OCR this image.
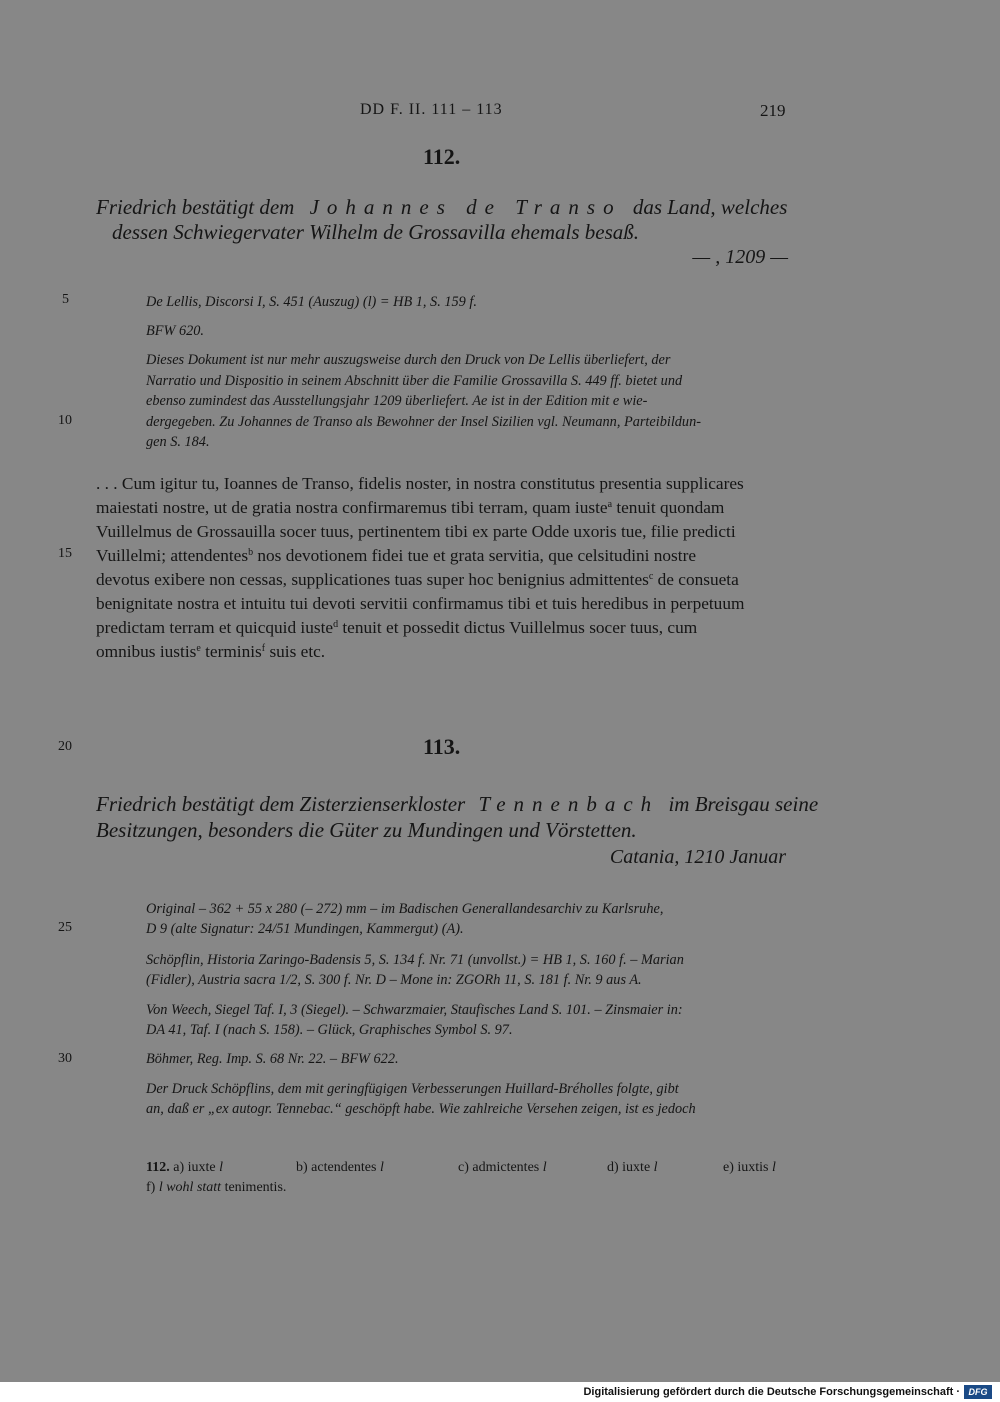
DD F. II. 111 – 113	219
112.
Friedrich bestätigt dem Johannes de Transo das Land, welches
dessen Schwiegervater Wilhelm de Grossavilla ehemals besaß.
— , 1209 —
De Lellis, Discorsi I, S. 451 (Auszug) (l) = HB 1, S. 159 f.
BFW 620.
Dieses Dokument ist nur mehr auszugsweise durch den Druck von De Lellis überliefert, der
Narratio und Dispositio in seinem Abschnitt über die Familie Grossavilla S. 449 ff. bietet und
ebenso zumindest das Ausstellungsjahr 1209 überliefert. Ae ist in der Edition mit e wie-
dergegeben. Zu Johannes de Transo als Bewohner der Insel Sizilien vgl. Neumann, Parteibildun-
gen S. 184.
. . . Cum igitur tu, Ioannes de Transo, fidelis noster, in nostra constitutus presentia supplicares
maiestati nostre, ut de gratia nostra confirmaremus tibi terram, quam iuste$^a$ tenuit quondam
Vuillelmus de Grossauilla socer tuus, pertinentem tibi ex parte Odde uxoris tue, filie predicti
Vuillelmi; attendentes$^b$ nos devotionem fidei tue et grata servitia, que celsitudini nostre
devotus exibere non cessas, supplicationes tuas super hoc benignius admittentes$^c$ de consueta
benignitate nostra et intuitu tui devoti servitii confirmamus tibi et tuis heredibus in perpetuum
predictam terram et quicquid iuste$^d$ tenuit et possedit dictus Vuillelmus socer tuus, cum
omnibus iustis$^e$ terminis$^f$ suis etc.
113.
Friedrich bestätigt dem Zisterzienserkloster Tennenbach im Breisgau seine
Besitzungen, besonders die Güter zu Mundingen und Vörstetten.
Catania, 1210 Januar
Original – 362 + 55 x 280 (– 272) mm – im Badischen Generallandesarchiv zu Karlsruhe,
D 9 (alte Signatur: 24/51 Mundingen, Kammergut) (A).
Schöpflin, Historia Zaringo-Badensis 5, S. 134 f. Nr. 71 (unvollst.) = HB 1, S. 160 f. – Marian
(Fidler), Austria sacra 1/2, S. 300 f. Nr. D – Mone in: ZGORh 11, S. 181 f. Nr. 9 aus A.
Von Weech, Siegel Taf. I, 3 (Siegel). – Schwarzmaier, Staufisches Land S. 101. – Zinsmaier in:
DA 41, Taf. I (nach S. 158). – Glück, Graphisches Symbol S. 97.
Böhmer, Reg. Imp. S. 68 Nr. 22. – BFW 622.
Der Druck Schöpflins, dem mit geringfügigen Verbesserungen Huillard-Bréholles folgte, gibt
an, daß er „ex autogr. Tennebac.“ geschöpft habe. Wie zahlreiche Versehen zeigen, ist es jedoch
5
10
15
20
25
30
112. a) iuxte l	b) actendentes l	c) admictentes l	d) iuxte l	e) iuxtis l
f) l wohl statt tenimentis.
Digitalisierung gefördert durch die Deutsche Forschungsgemeinschaft · DFG
